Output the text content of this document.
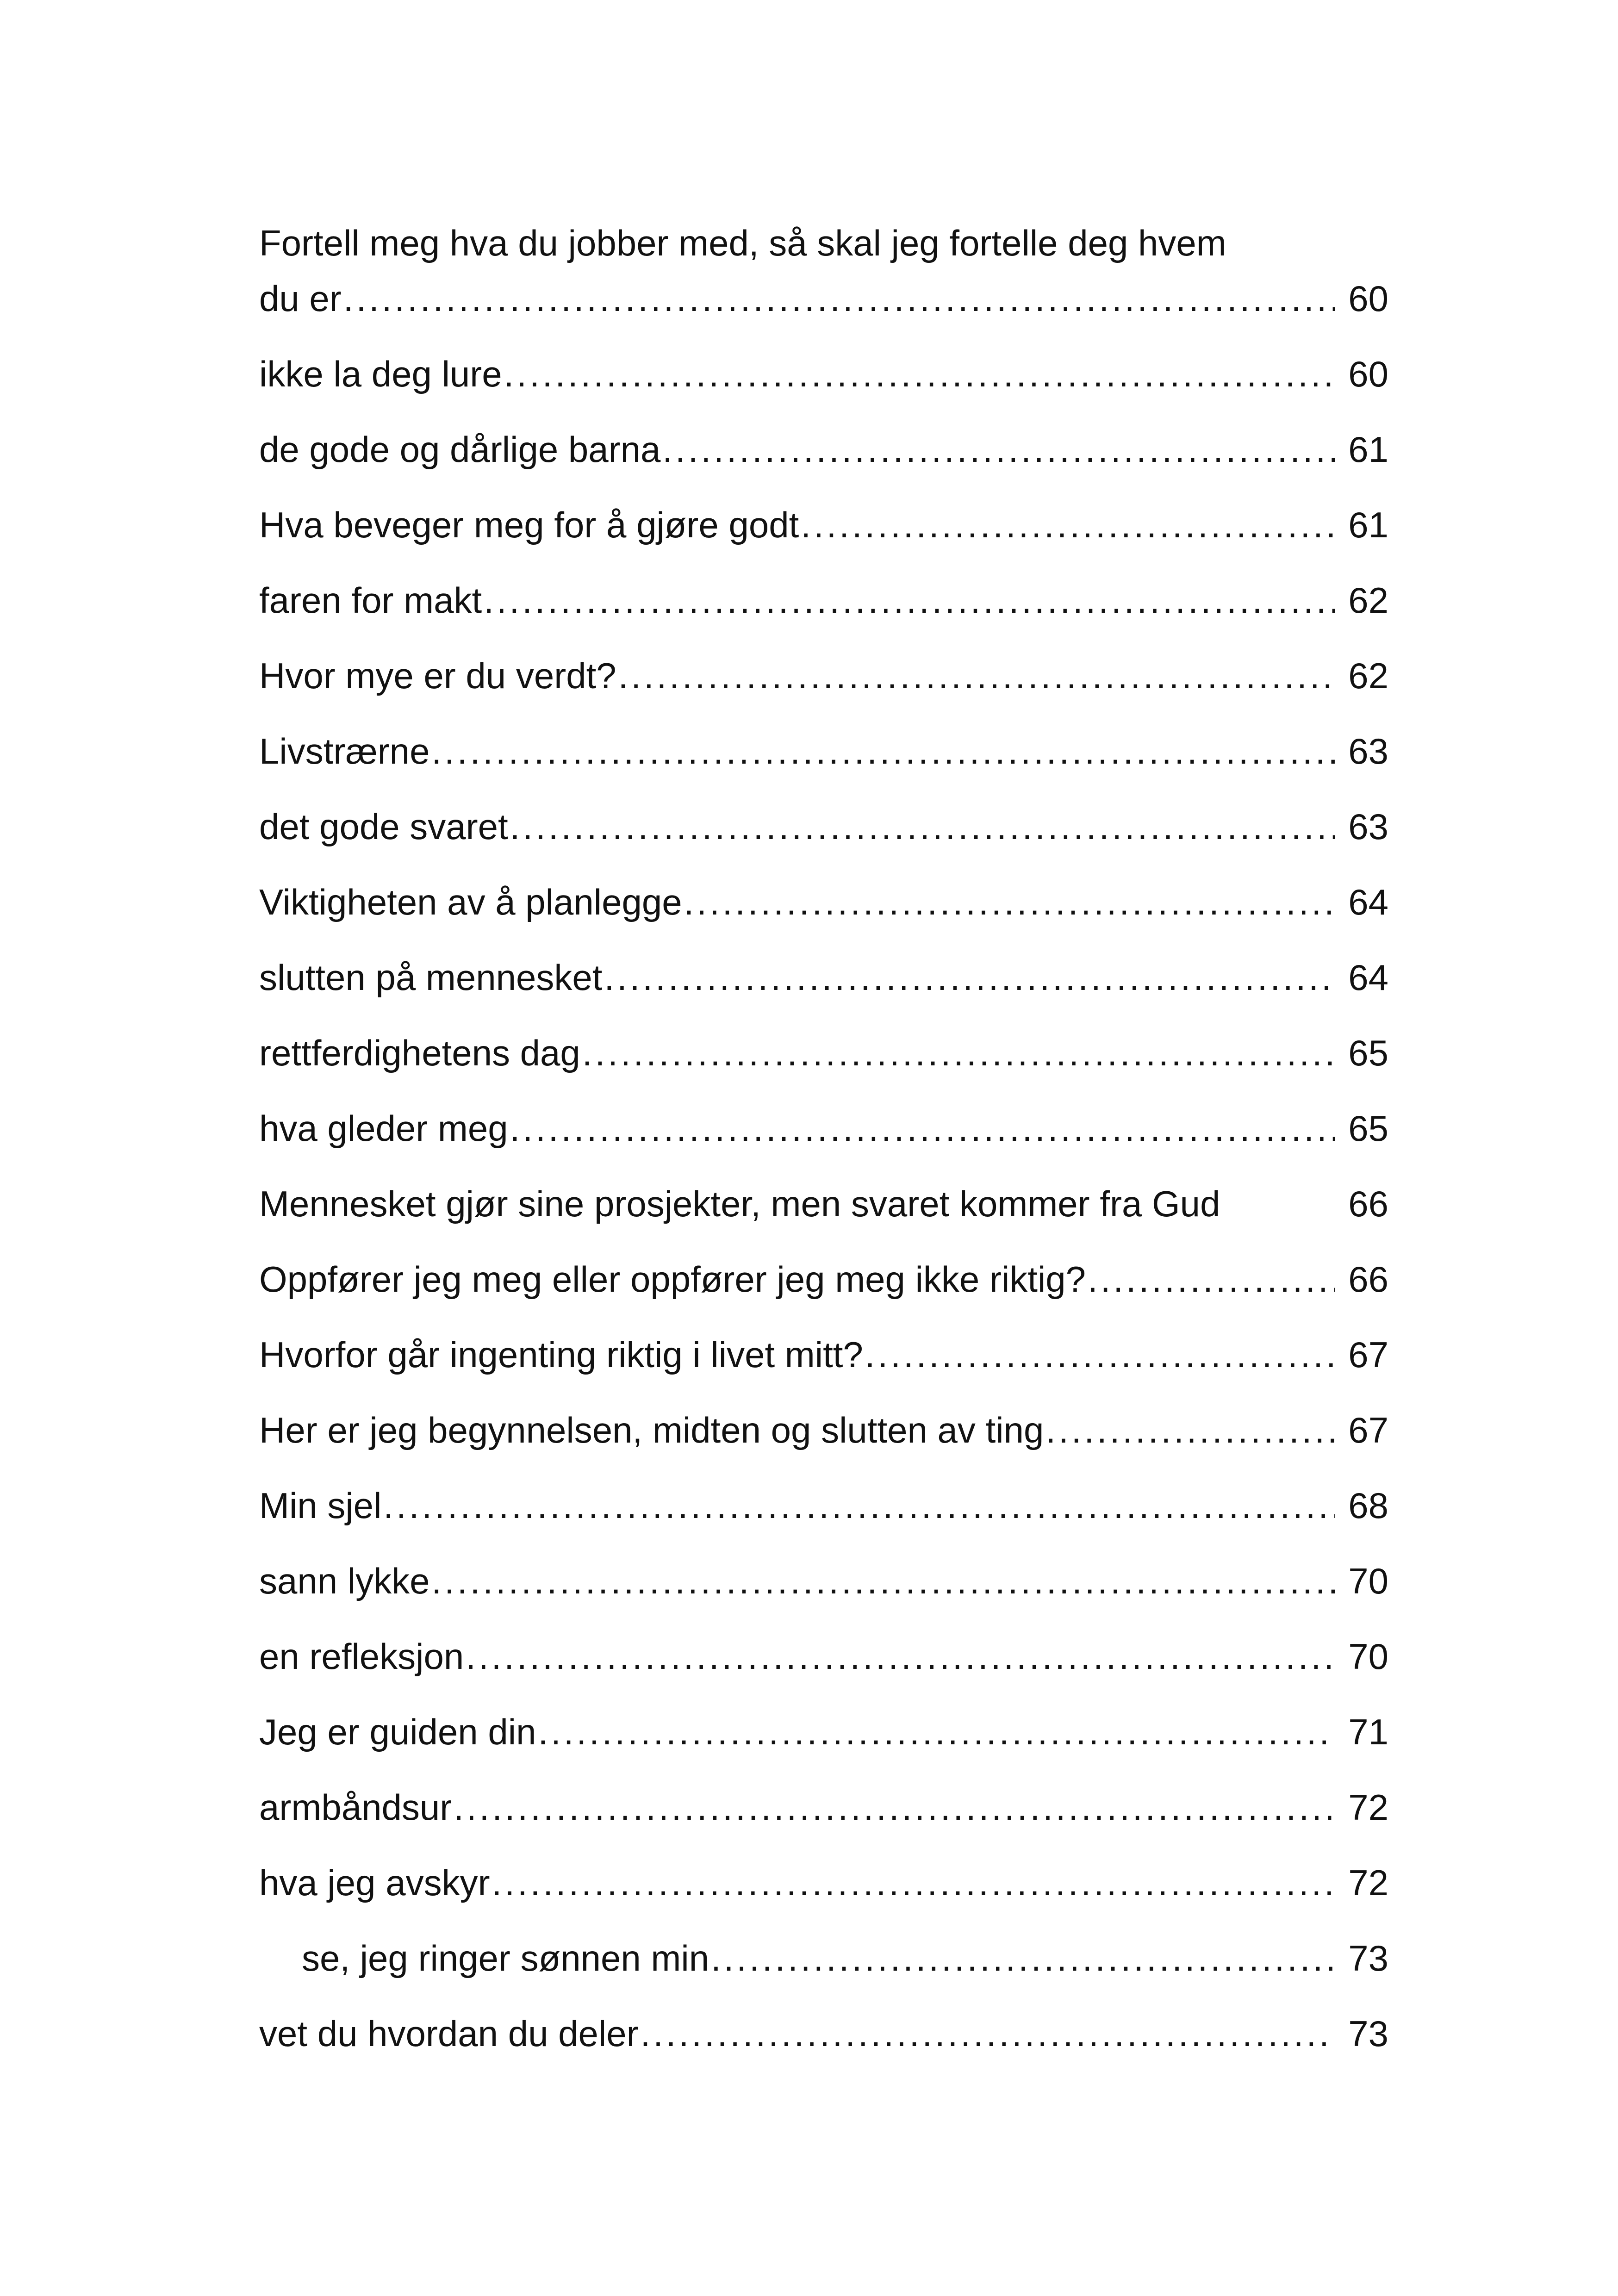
Fortell meg hva du jobber med, så skal jeg fortelle deg hvem
du er .....	60
ikke la deg lure .....	60
de gode og dårlige barna .....	61
Hva beveger meg for å gjøre godt .....	61
faren for makt .....	62
Hvor mye er du verdt? .....	62
Livstrærne .....	63
det gode svaret .....	63
Viktigheten av å planlegge .....	64
slutten på mennesket .....	64
rettferdighetens dag .....	65
hva gleder meg .....	65
Mennesket gjør sine prosjekter, men svaret kommer fra Gud	66
Oppfører jeg meg eller oppfører jeg meg ikke riktig? .....	66
Hvorfor går ingenting riktig i livet mitt? .....	67
Her er jeg begynnelsen, midten og slutten av ting .....	67
Min sjel .....	68
sann lykke .....	70
en refleksjon .....	70
Jeg er guiden din .....	71
armbåndsur .....	72
hva jeg avskyr .....	72
se, jeg ringer sønnen min .....	73
vet du hvordan du deler .....	73
